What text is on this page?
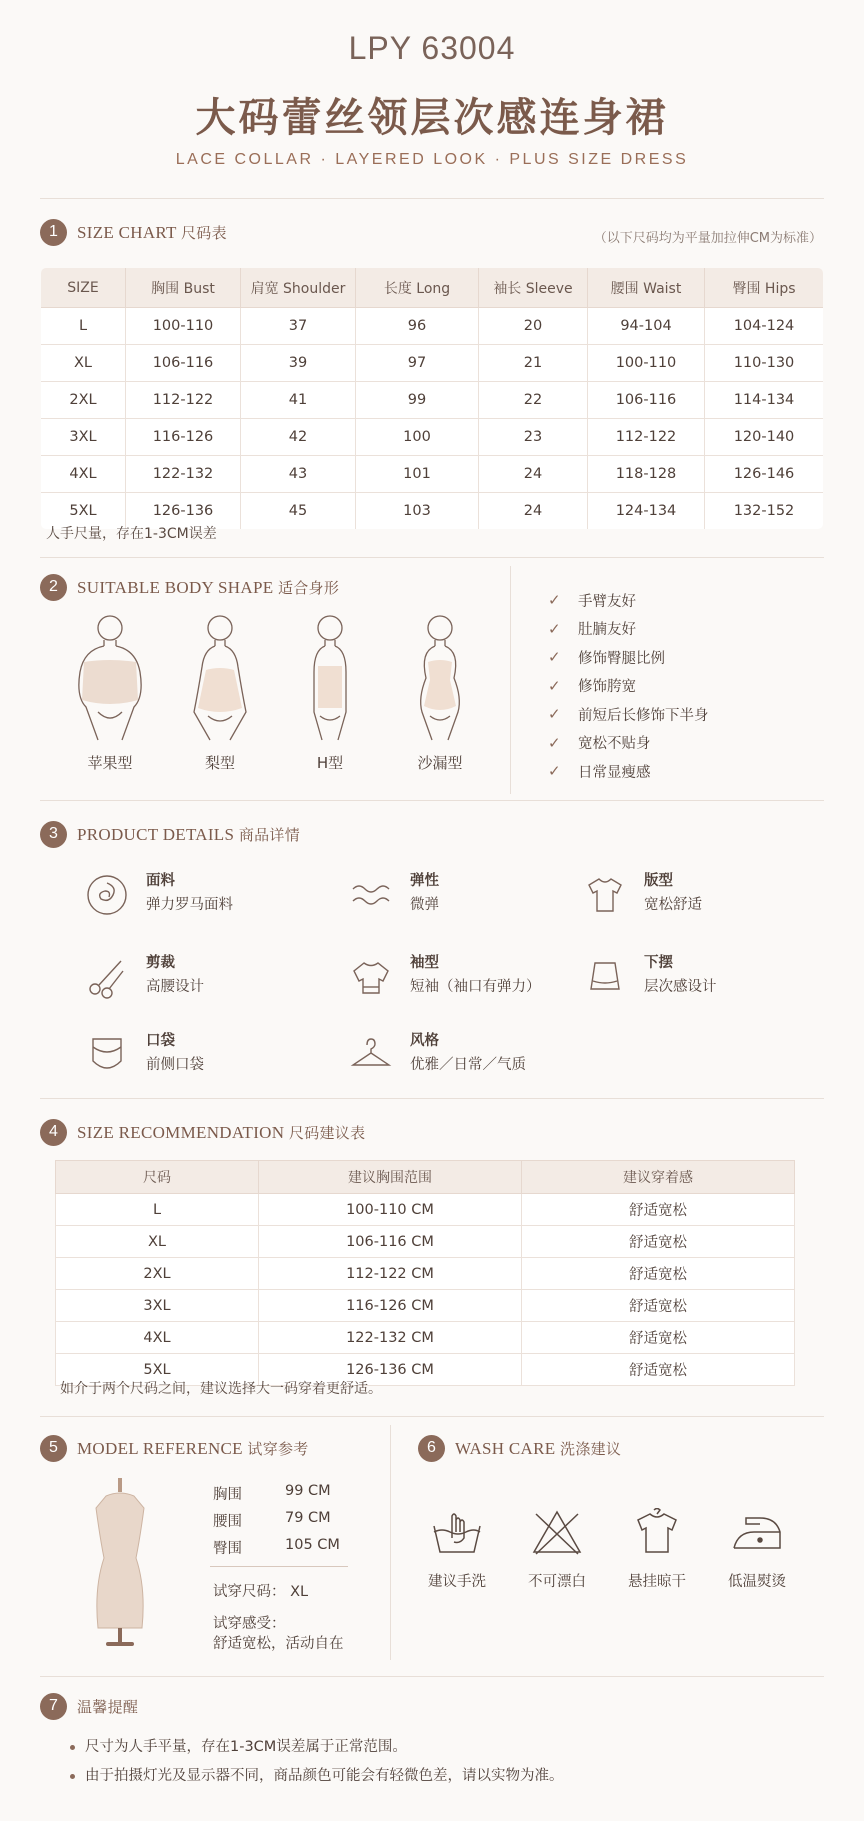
LPY 63004
大码蕾丝领层次感连身裙
LACE COLLAR · LAYERED LOOK · PLUS SIZE DRESS
1	SIZE CHART 尺码表	（以下尺码均为平量加拉伸CM为标准）
SIZE	胸围 Bust	肩宽 Shoulder	长度 Long	袖长 Sleeve	腰围 Waist	臀围 Hips
L	100-110	37	96	20	94-104	104-124
XL	106-116	39	97	21	100-110	110-130
2XL	112-122	41	99	22	106-116	114-134
3XL	116-126	42	100	23	112-122	120-140
4XL	122-132	43	101	24	118-128	126-146
5XL	126-136	45	103	24	124-134	132-152
人手尺量，存在1-3CM误差
2	SUITABLE BODY SHAPE 适合身形
苹果型	梨型	H型	沙漏型
✓	手臂友好
✓	肚腩友好
✓	修饰臀腿比例
✓	修饰胯宽
✓	前短后长修饰下半身
✓	宽松不贴身
✓	日常显瘦感
3	PRODUCT DETAILS 商品详情
面料
弹力罗马面料
弹性
微弹
版型
宽松舒适
剪裁
高腰设计
袖型
短袖（袖口有弹力）
下摆
层次感设计
口袋
前侧口袋
风格
优雅／日常／气质
4	SIZE RECOMMENDATION 尺码建议表
尺码	建议胸围范围	建议穿着感
L	100-110 CM	舒适宽松
XL	106-116 CM	舒适宽松
2XL	112-122 CM	舒适宽松
3XL	116-126 CM	舒适宽松
4XL	122-132 CM	舒适宽松
5XL	126-136 CM	舒适宽松
如介于两个尺码之间，建议选择大一码穿着更舒适。
5	MODEL REFERENCE 试穿参考
胸围	99 CM
腰围	79 CM
臀围	105 CM
试穿尺码： XL
试穿感受：
舒适宽松，活动自在
6	WASH CARE 洗涤建议
建议手洗	不可漂白	悬挂晾干	低温熨烫
7	温馨提醒
尺寸为人手平量，存在1-3CM误差属于正常范围。
由于拍摄灯光及显示器不同，商品颜色可能会有轻微色差，请以实物为准。
